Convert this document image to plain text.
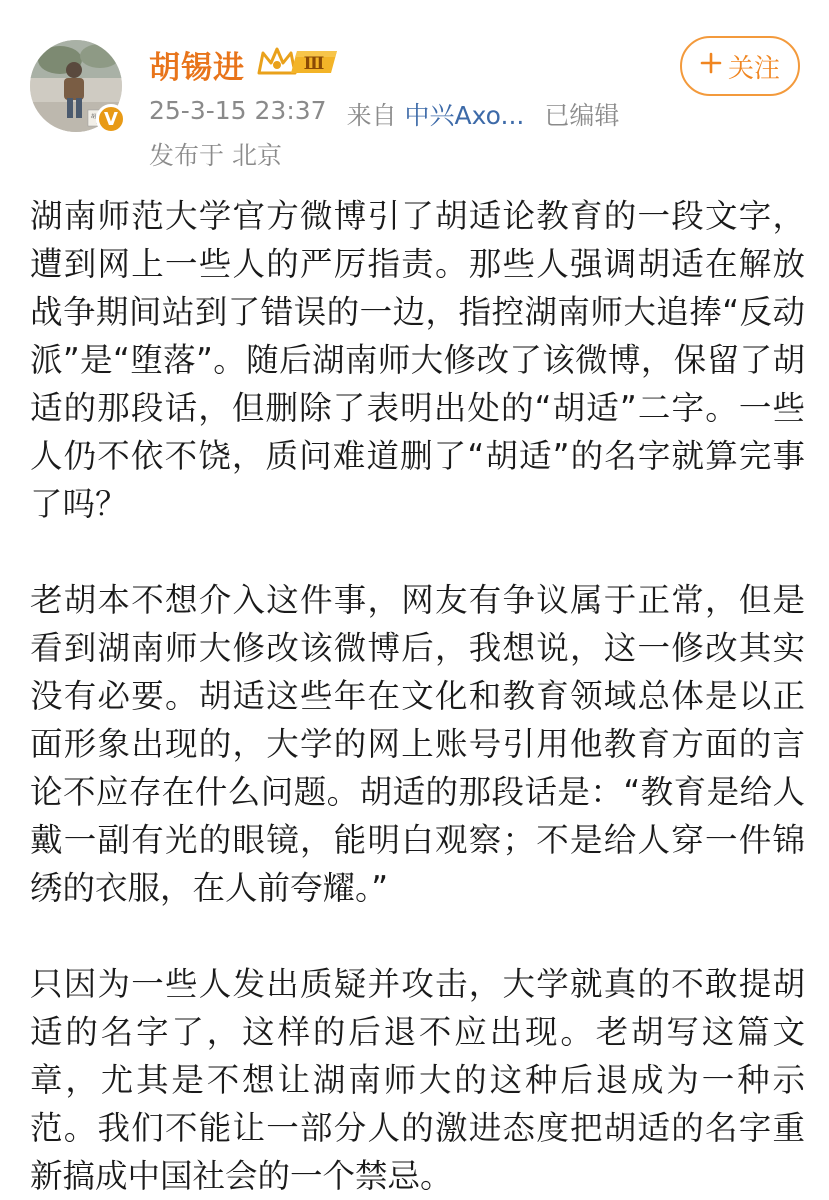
胡 V
胡锡进	Ⅲ
25-3-15 23:37 来自 中兴Axo... 已编辑
发布于 北京
关注

湖南师范大学官方微博引了胡适论教育的一段文字，遭到网上一些人的严厉指责。那些人强调胡适在解放战争期间站到了错误的一边，指控湖南师大追捧“反动派”是“堕落”。随后湖南师大修改了该微博，保留了胡适的那段话，但删除了表明出处的“胡适”二字。一些人仍不依不饶，质问难道删了“胡适”的名字就算完事了吗？

老胡本不想介入这件事，网友有争议属于正常，但是看到湖南师大修改该微博后，我想说，这一修改其实没有必要。胡适这些年在文化和教育领域总体是以正面形象出现的，大学的网上账号引用他教育方面的言论不应存在什么问题。胡适的那段话是：“教育是给人戴一副有光的眼镜，能明白观察；不是给人穿一件锦绣的衣服，在人前夸耀。”

只因为一些人发出质疑并攻击，大学就真的不敢提胡适的名字了，这样的后退不应出现。老胡写这篇文章，尤其是不想让湖南师大的这种后退成为一种示范。我们不能让一部分人的激进态度把胡适的名字重新搞成中国社会的一个禁忌。
